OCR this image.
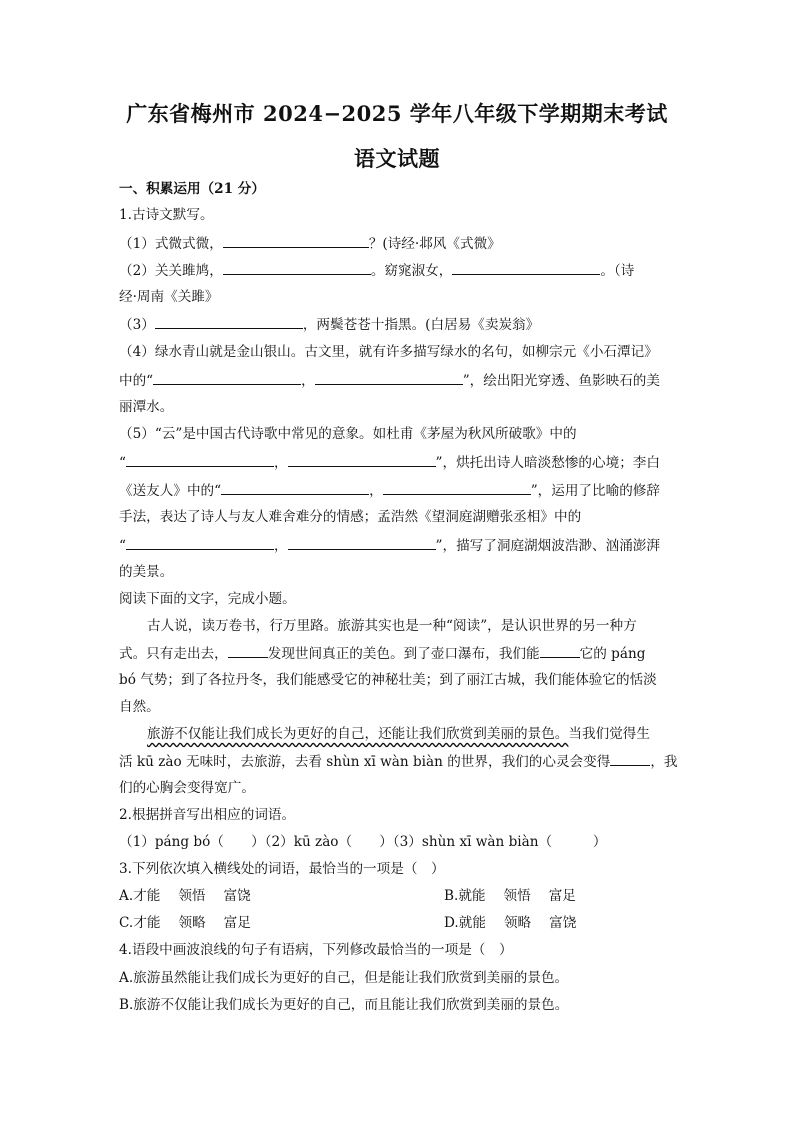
广东省梅州市 2024−2025 学年八年级下学期期末考试
语文试题
一、积累运用（21 分）
1.古诗文默写。
（1）式微式微，	？(诗经·邶风《式微》
（2）关关雎鸠，	。窈窕淑女，	。（诗
经·周南《关雎》
（3）	，两鬓苍苍十指黑。(白居易《卖炭翁》
（4）绿水青山就是金山银山。古文里，就有许多描写绿水的名句，如柳宗元《小石潭记》
中的“	，	”，绘出阳光穿透、鱼影映石的美
丽潭水。
（5）“云”是中国古代诗歌中常见的意象。如杜甫《茅屋为秋风所破歌》中的
“	，	”，烘托出诗人暗淡愁惨的心境；李白
《送友人》中的“	，	”，运用了比喻的修辞
手法，表达了诗人与友人难舍难分的情感；孟浩然《望洞庭湖赠张丞相》中的
“	，	”，描写了洞庭湖烟波浩渺、汹涌澎湃
的美景。
阅读下面的文字，完成小题。
古人说，读万卷书，行万里路。旅游其实也是一种“阅读”，是认识世界的另一种方
式。只有走出去，	发现世间真正的美色。到了壶口瀑布，我们能	它的 páng
bó 气势；到了各拉丹冬，我们能感受它的神秘壮美；到了丽江古城，我们能体验它的恬淡
自然。
旅游不仅能让我们成长为更好的自己，还能让我们欣赏到美丽的景色。当我们觉得生
活 kū zào 无味时，去旅游，去看 shùn xī wàn biàn 的世界，我们的心灵会变得	，我
们的心胸会变得宽广。
2.根据拼音写出相应的词语。
（1）páng bó（　　）（2）kū zào（　　）（3）shùn xī wàn biàn（　　　）
3.下列依次填入横线处的词语，最恰当的一项是（　）
A.才能 领悟 富饶	B.就能 领悟 富足
C.才能 领略 富足	D.就能 领略 富饶
4.语段中画波浪线的句子有语病，下列修改最恰当的一项是（　）
A.旅游虽然能让我们成长为更好的自己，但是能让我们欣赏到美丽的景色。
B.旅游不仅能让我们成长为更好的自己，而且能让我们欣赏到美丽的景色。
